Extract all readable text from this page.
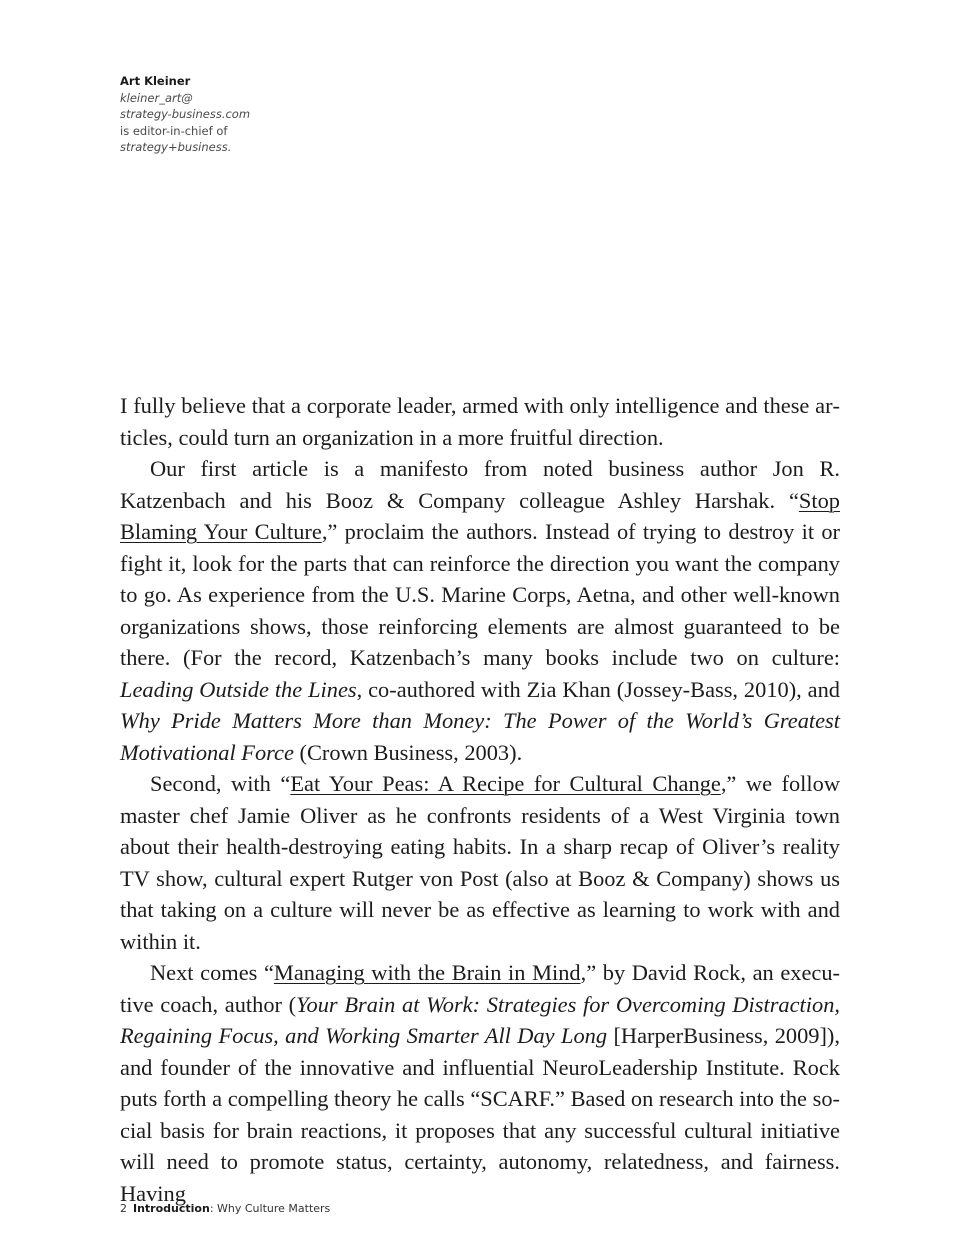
Art Kleiner
kleiner_art@
strategy-business.com
is editor-in-chief of
strategy+business.

I fully believe that a corporate leader, armed with only intelligence and these articles, could turn an organization in a more fruitful direction.

Our first article is a manifesto from noted business author Jon R. Katzenbach and his Booz & Company colleague Ashley Harshak. “Stop Blaming Your Culture,” proclaim the authors. Instead of trying to destroy it or fight it, look for the parts that can reinforce the direction you want the company to go. As experience from the U.S. Marine Corps, Aetna, and other well-known organizations shows, those reinforcing elements are almost guaranteed to be there. (For the record, Katzenbach’s many books include two on culture: Leading Outside the Lines, co-authored with Zia Khan (Jossey-Bass, 2010), and Why Pride Matters More than Money: The Power of the World’s Greatest Motivational Force (Crown Business, 2003).

Second, with “Eat Your Peas: A Recipe for Cultural Change,” we follow master chef Jamie Oliver as he confronts residents of a West Virginia town about their health-destroying eating habits. In a sharp recap of Oliver’s reality TV show, cultural expert Rutger von Post (also at Booz & Company) shows us that taking on a culture will never be as effective as learning to work with and within it.

Next comes “Managing with the Brain in Mind,” by David Rock, an executive coach, author (Your Brain at Work: Strategies for Overcoming Distraction, Regaining Focus, and Working Smarter All Day Long [HarperBusiness, 2009]), and founder of the innovative and influential NeuroLeadership Institute. Rock puts forth a compelling theory he calls “SCARF.” Based on research into the social basis for brain reactions, it proposes that any successful cultural initiative will need to promote status, certainty, autonomy, relatedness, and fairness. Having

2 Introduction: Why Culture Matters
